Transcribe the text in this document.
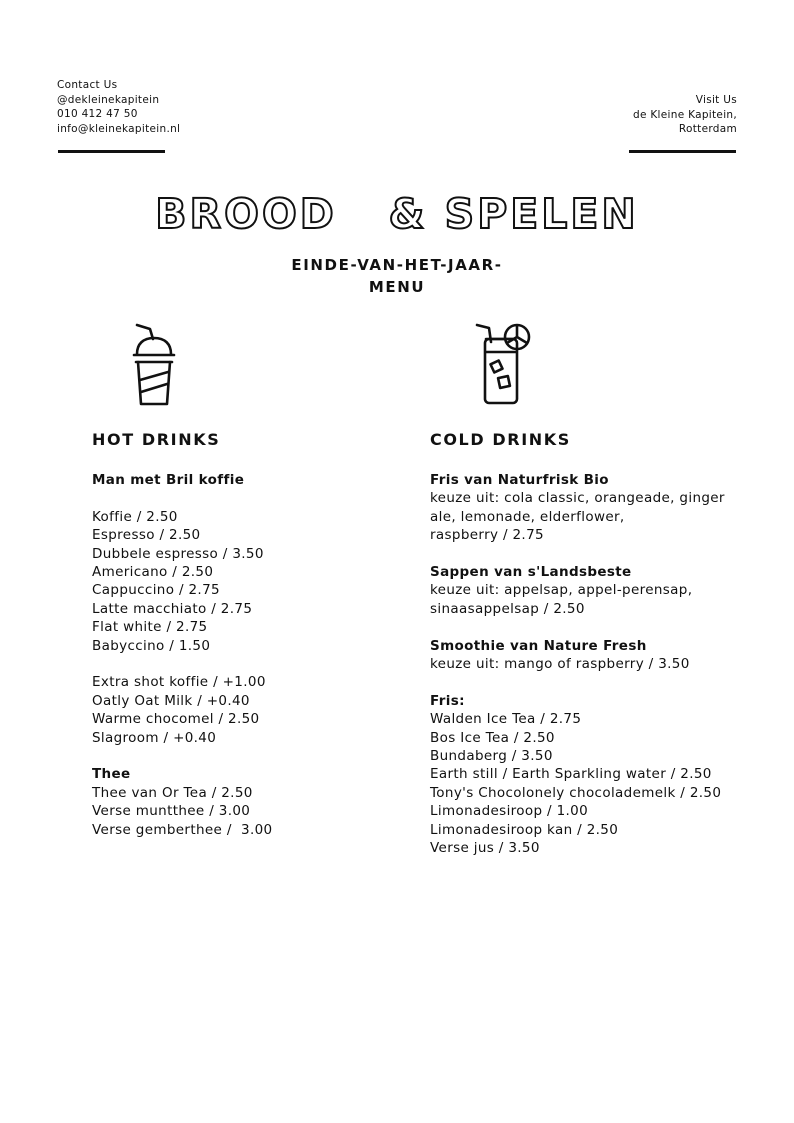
Contact Us
@dekleinekapitein
010 412 47 50
info@kleinekapitein.nl
Visit Us
de Kleine Kapitein,
Rotterdam
BROOD   & SPELEN
EINDE-VAN-HET-JAAR-
MENU
HOT DRINKS
Man met Bril koffie
Koffie / 2.50
Espresso / 2.50
Dubbele espresso / 3.50
Americano / 2.50
Cappuccino / 2.75
Latte macchiato / 2.75
Flat white / 2.75
Babyccino / 1.50
Extra shot koffie / +1.00
Oatly Oat Milk / +0.40
Warme chocomel / 2.50
Slagroom / +0.40
Thee
Thee van Or Tea / 2.50
Verse muntthee / 3.00
Verse gemberthee /  3.00
COLD DRINKS
Fris van Naturfrisk Bio
keuze uit: cola classic, orangeade, ginger ale, lemonade, elderflower,
raspberry / 2.75
Sappen van s'Landsbeste
keuze uit: appelsap, appel-perensap, sinaasappelsap / 2.50
Smoothie van Nature Fresh
keuze uit: mango of raspberry / 3.50
Fris:
Walden Ice Tea / 2.75
Bos Ice Tea / 2.50
Bundaberg / 3.50
Earth still / Earth Sparkling water / 2.50
Tony's Chocolonely chocolademelk / 2.50
Limonadesiroop / 1.00
Limonadesiroop kan / 2.50
Verse jus / 3.50
